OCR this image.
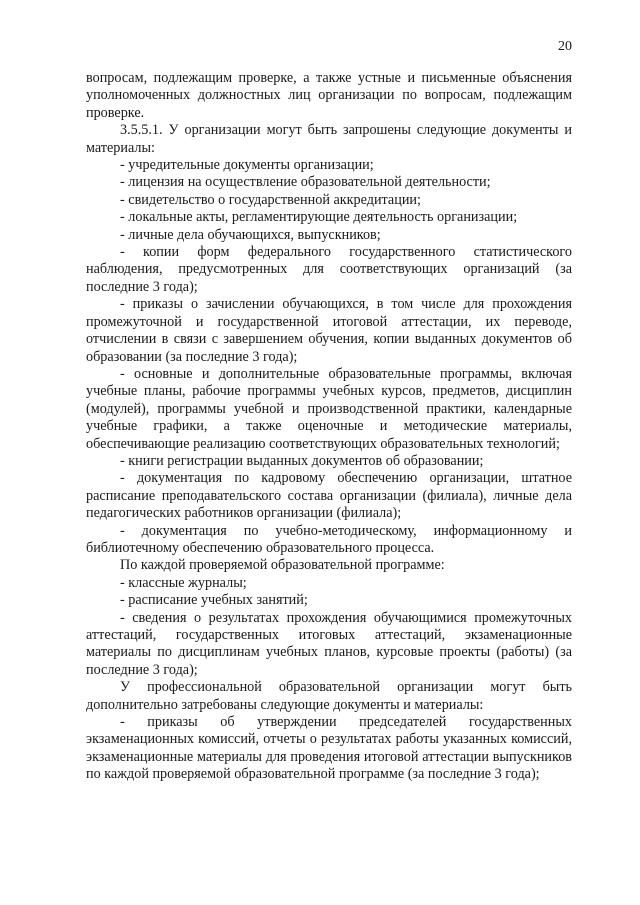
20

вопросам, подлежащим проверке, а также устные и письменные объяснения уполномоченных должностных лиц организации по вопросам, подлежащим проверке.

3.5.5.1. У организации могут быть запрошены следующие документы и материалы:

- учредительные документы организации;

- лицензия на осуществление образовательной деятельности;

- свидетельство о государственной аккредитации;

- локальные акты, регламентирующие деятельность организации;

- личные дела обучающихся, выпускников;

- копии форм федерального государственного статистического наблюдения, предусмотренных для соответствующих организаций (за последние 3 года);

- приказы о зачислении обучающихся, в том числе для прохождения промежуточной и государственной итоговой аттестации, их переводе, отчислении в связи с завершением обучения, копии выданных документов об образовании (за последние 3 года);

- основные и дополнительные образовательные программы, включая учебные планы, рабочие программы учебных курсов, предметов, дисциплин (модулей), программы учебной и производственной практики, календарные учебные графики, а также оценочные и методические материалы, обеспечивающие реализацию соответствующих образовательных технологий;

- книги регистрации выданных документов об образовании;

- документация по кадровому обеспечению организации, штатное расписание преподавательского состава организации (филиала), личные дела педагогических работников организации (филиала);

- документация по учебно-методическому, информационному и библиотечному обеспечению образовательного процесса.

По каждой проверяемой образовательной программе:

- классные журналы;

- расписание учебных занятий;

- сведения о результатах прохождения обучающимися промежуточных аттестаций, государственных итоговых аттестаций, экзаменационные материалы по дисциплинам учебных планов, курсовые проекты (работы) (за последние 3 года);

У профессиональной образовательной организации могут быть дополнительно затребованы следующие документы и материалы:

- приказы об утверждении председателей государственных экзаменационных комиссий, отчеты о результатах работы указанных комиссий, экзаменационные материалы для проведения итоговой аттестации выпускников по каждой проверяемой образовательной программе (за последние 3 года);
